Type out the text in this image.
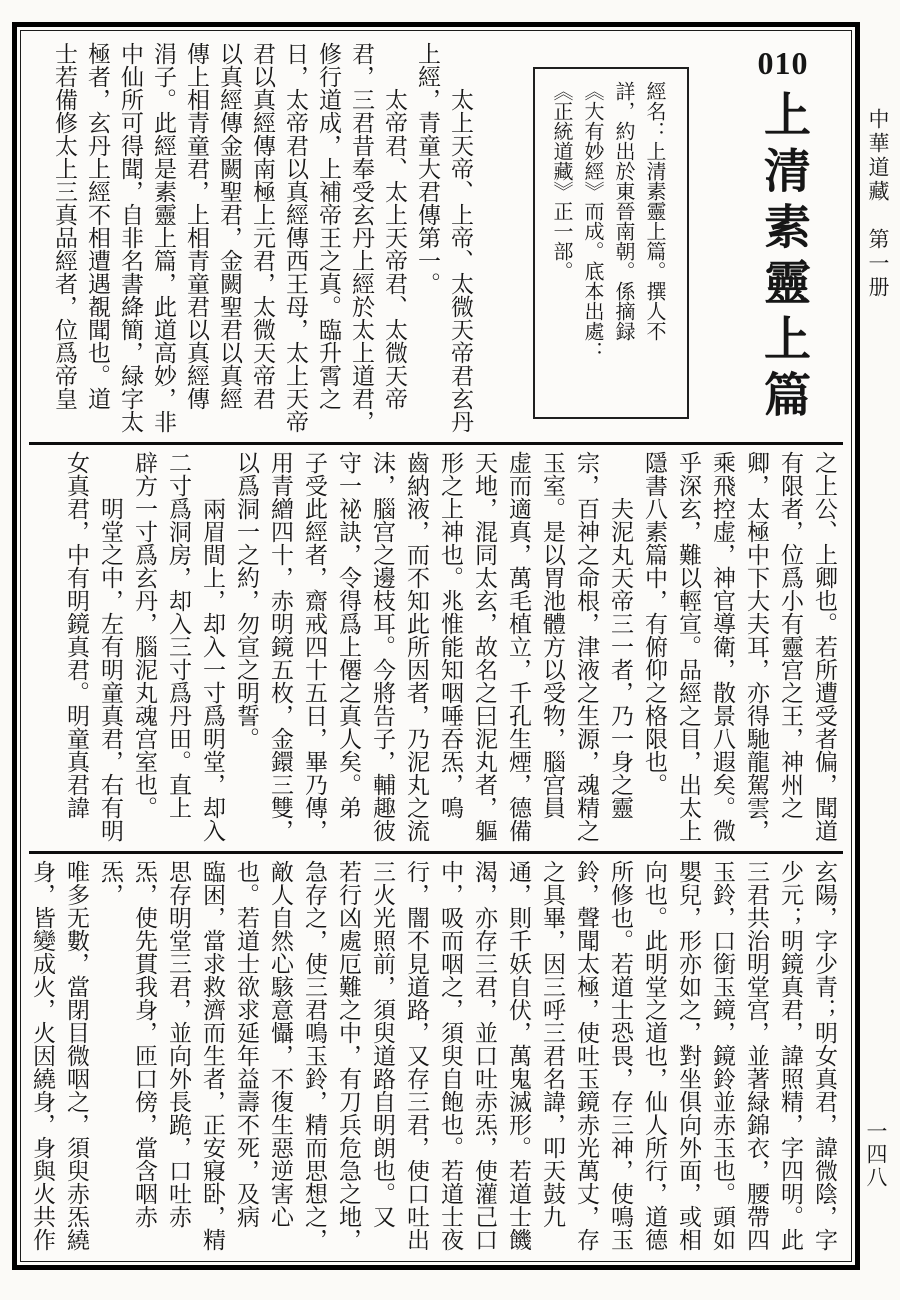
中華道藏　第一册
一四八
　　太上天帝、上帝、太微天帝君玄丹
上經，青童大君傳第一。
　　太帝君、太上天帝君、太微天帝
君，三君昔奉受玄丹上經於太上道君，
修行道成，上補帝王之真。臨升霄之
日，太帝君以真經傳西王母，太上天帝
君以真經傳南極上元君，太微天帝君
以真經傳金闕聖君，金闕聖君以真經
傳上相青童君，上相青童君以真經傳
涓子。此經是素靈上篇，此道高妙，非
中仙所可得聞，自非名書絳簡，緑字太
極者，玄丹上經不相遭遇覩聞也。道
士若備修太上三真品經者，位爲帝皇	經名：上清素靈上篇。撰人不
詳，約出於東晉南朝。係摘録
《大有妙經》而成。底本出處：
《正統道藏》正一部。
010
上清素靈上篇
之上公、上卿也。若所遭受者偏，聞道
有限者，位爲小有靈宫之王，神州之
卿，太極中下大夫耳，亦得馳龍駕雲，
乘飛控虚，神官導衛，散景八遐矣。微
乎深玄，難以輕宣。品經之目，出太上
隱書八素篇中，有俯仰之格限也。
　　夫泥丸天帝三一者，乃一身之靈
宗，百神之命根，津液之生源，魂精之
玉室。是以胃池體方以受物，腦宫員
虚而適真，萬毛植立，千孔生煙，德備
天地，混同太玄，故名之曰泥丸者，軀
形之上神也。兆惟能知咽唾吞炁，鳴
齒納液，而不知此所因者，乃泥丸之流
沫，腦宫之邊枝耳。今將告子，輔趣彼
守一祕訣，令得爲上僊之真人矣。弟
子受此經者，齋戒四十五日，畢乃傳，
用青繒四十，赤明鏡五枚，金鐶三雙，
以爲洞一之約，勿宣之明誓。
　　兩眉間上，却入一寸爲明堂，却入
二寸爲洞房，却入三寸爲丹田。直上
辟方一寸爲玄丹，腦泥丸魂宫室也。
　　明堂之中，左有明童真君，右有明
女真君，中有明鏡真君。明童真君諱
玄陽，字少青；明女真君，諱微陰，字
少元；明鏡真君，諱照精，字四明。此
三君共治明堂宫，並著緑錦衣，腰帶四
玉鈴，口銜玉鏡，鏡鈴並赤玉也。頭如
嬰兒，形亦如之，對坐俱向外面，或相
向也。此明堂之道也，仙人所行，道德
所修也。若道士恐畏，存三神，使鳴玉
鈴，聲聞太極，使吐玉鏡赤光萬丈，存
之具畢，因三呼三君名諱，叩天鼓九
通，則千妖自伏，萬鬼滅形。若道士饑
渴，亦存三君，並口吐赤炁，使灌己口
中，吸而咽之，須臾自飽也。若道士夜
行，闇不見道路，又存三君，使口吐出
三火光照前，須臾道路自明朗也。又
若行凶處厄難之中，有刀兵危急之地，
急存之，使三君鳴玉鈴，精而思想之，
敵人自然心駭意懾，不復生惡逆害心
也。若道士欲求延年益壽不死，及病
臨困，當求救濟而生者，正安寢卧，精
思存明堂三君，並向外長跪，口吐赤
炁，使先貫我身，匝口傍，當含咽赤炁，
唯多无數，當閉目微咽之，須臾赤炁繞
身，皆變成火，火因繞身，身與火共作
